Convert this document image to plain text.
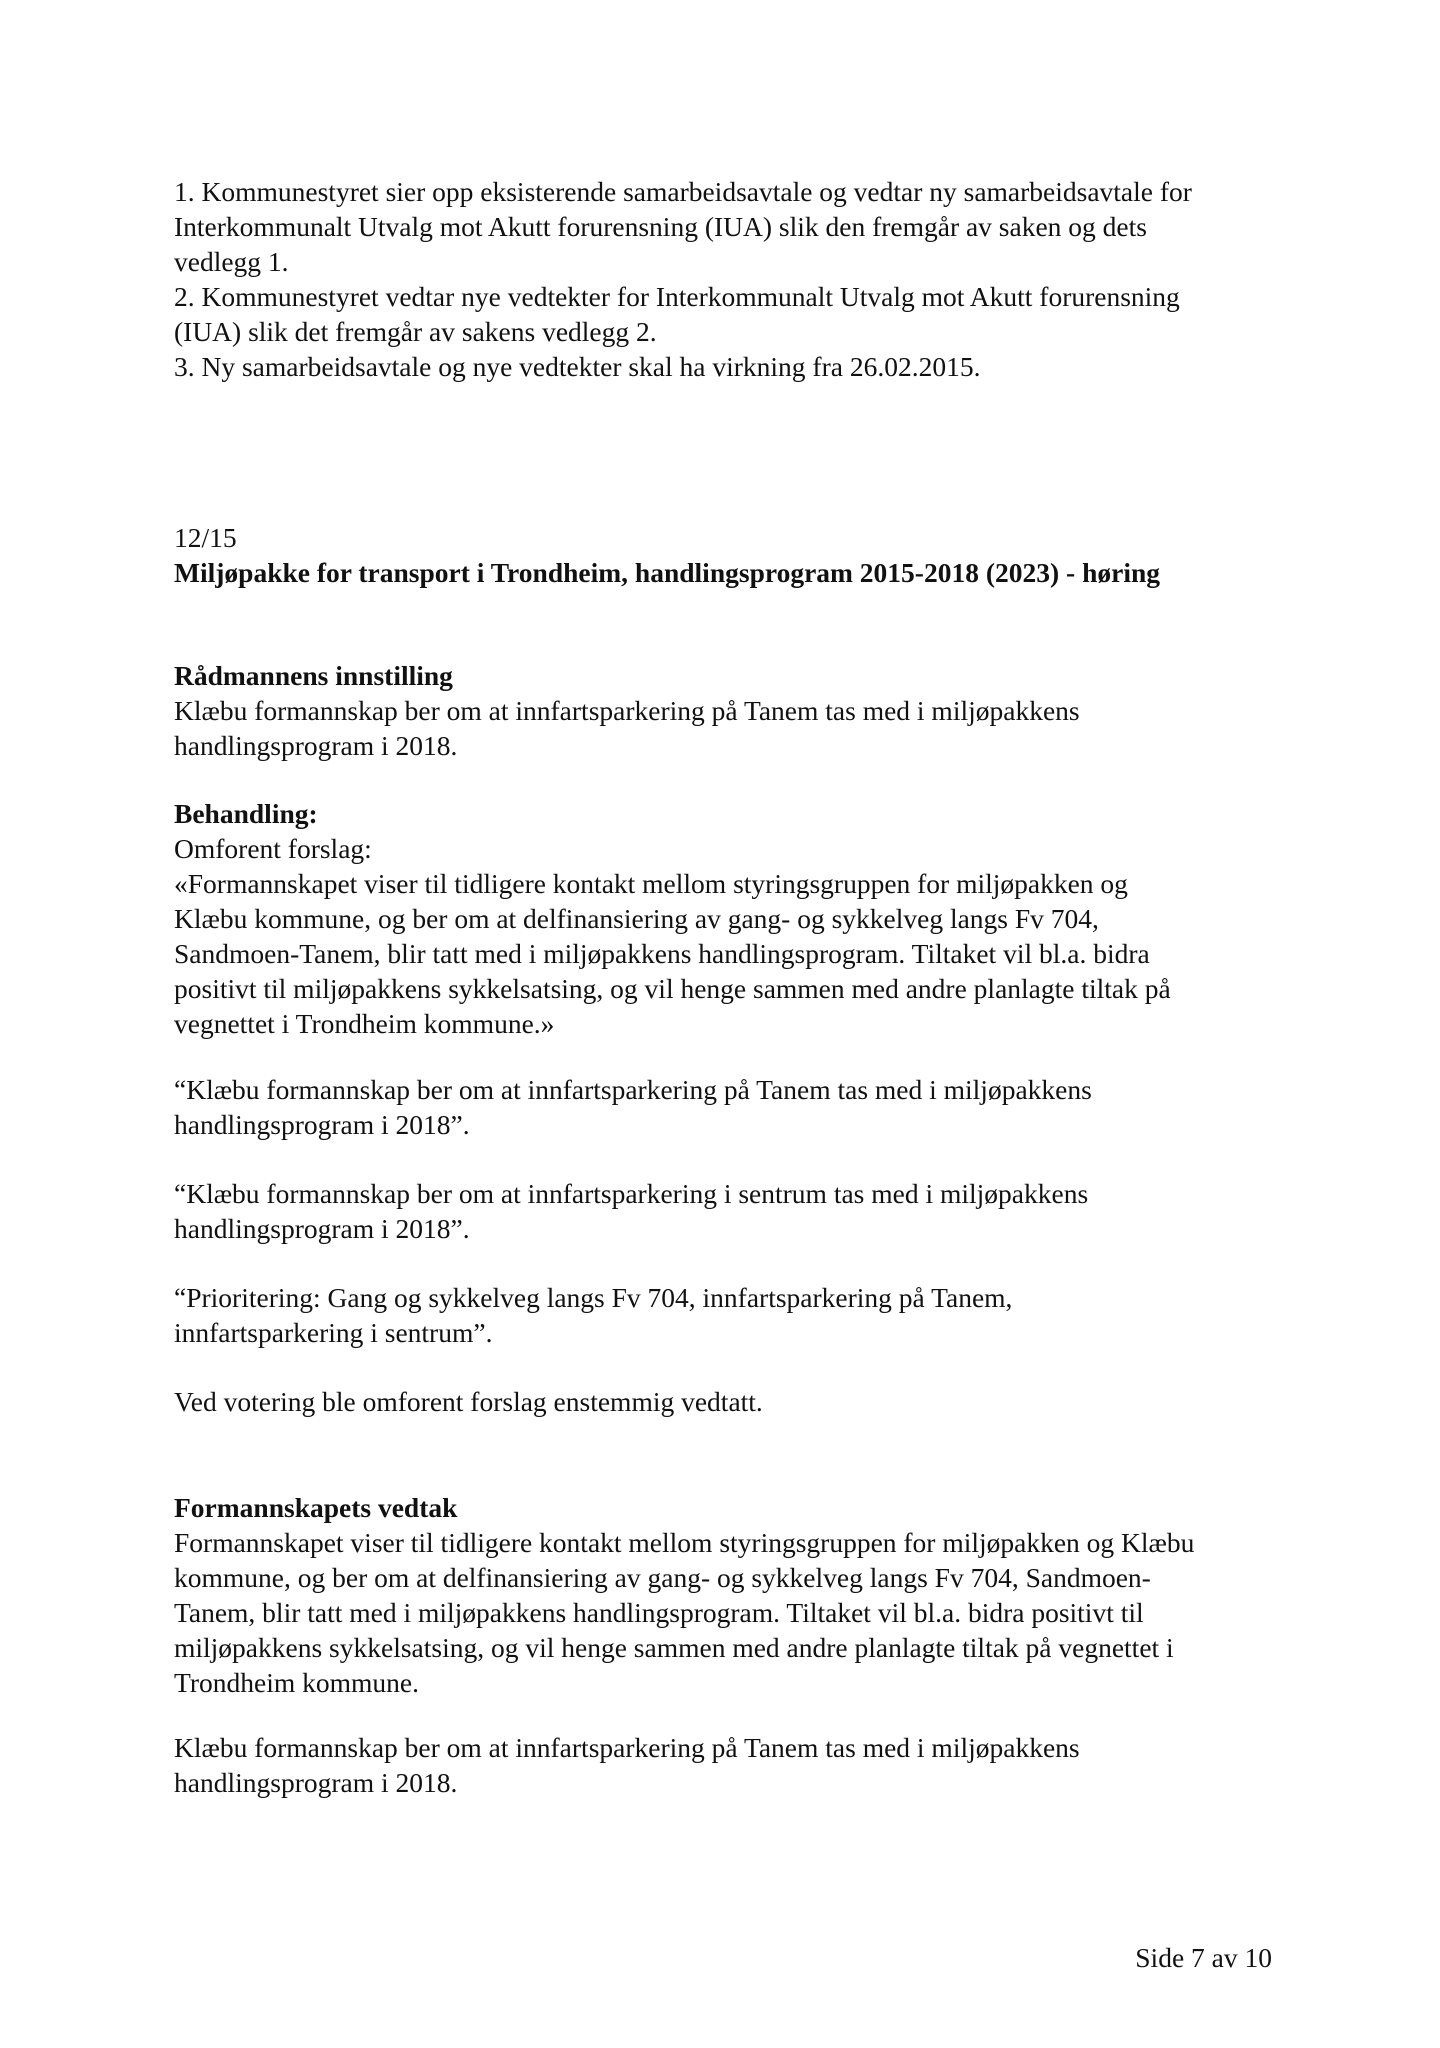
1. Kommunestyret sier opp eksisterende samarbeidsavtale og vedtar ny samarbeidsavtale for
Interkommunalt Utvalg mot Akutt forurensning (IUA) slik den fremgår av saken og dets
vedlegg 1.
2. Kommunestyret vedtar nye vedtekter for Interkommunalt Utvalg mot Akutt forurensning
(IUA) slik det fremgår av sakens vedlegg 2.
3. Ny samarbeidsavtale og nye vedtekter skal ha virkning fra 26.02.2015.
12/15
Miljøpakke for transport i Trondheim, handlingsprogram 2015-2018 (2023) - høring
Rådmannens innstilling
Klæbu formannskap ber om at innfartsparkering på Tanem tas med i miljøpakkens
handlingsprogram i 2018.
Behandling:
Omforent forslag:
«Formannskapet viser til tidligere kontakt mellom styringsgruppen for miljøpakken og
Klæbu kommune, og ber om at delfinansiering av gang- og sykkelveg langs Fv 704,
Sandmoen-Tanem, blir tatt med i miljøpakkens handlingsprogram. Tiltaket vil bl.a. bidra
positivt til miljøpakkens sykkelsatsing, og vil henge sammen med andre planlagte tiltak på
vegnettet i Trondheim kommune.»
“Klæbu formannskap ber om at innfartsparkering på Tanem tas med i miljøpakkens
handlingsprogram i 2018”.
“Klæbu formannskap ber om at innfartsparkering i sentrum tas med i miljøpakkens
handlingsprogram i 2018”.
“Prioritering: Gang og sykkelveg langs Fv 704, innfartsparkering på Tanem,
innfartsparkering i sentrum”.
Ved votering ble omforent forslag enstemmig vedtatt.
Formannskapets vedtak
Formannskapet viser til tidligere kontakt mellom styringsgruppen for miljøpakken og Klæbu
kommune, og ber om at delfinansiering av gang- og sykkelveg langs Fv 704, Sandmoen-
Tanem, blir tatt med i miljøpakkens handlingsprogram. Tiltaket vil bl.a. bidra positivt til
miljøpakkens sykkelsatsing, og vil henge sammen med andre planlagte tiltak på vegnettet i
Trondheim kommune.
Klæbu formannskap ber om at innfartsparkering på Tanem tas med i miljøpakkens
handlingsprogram i 2018.
Side 7 av 10
